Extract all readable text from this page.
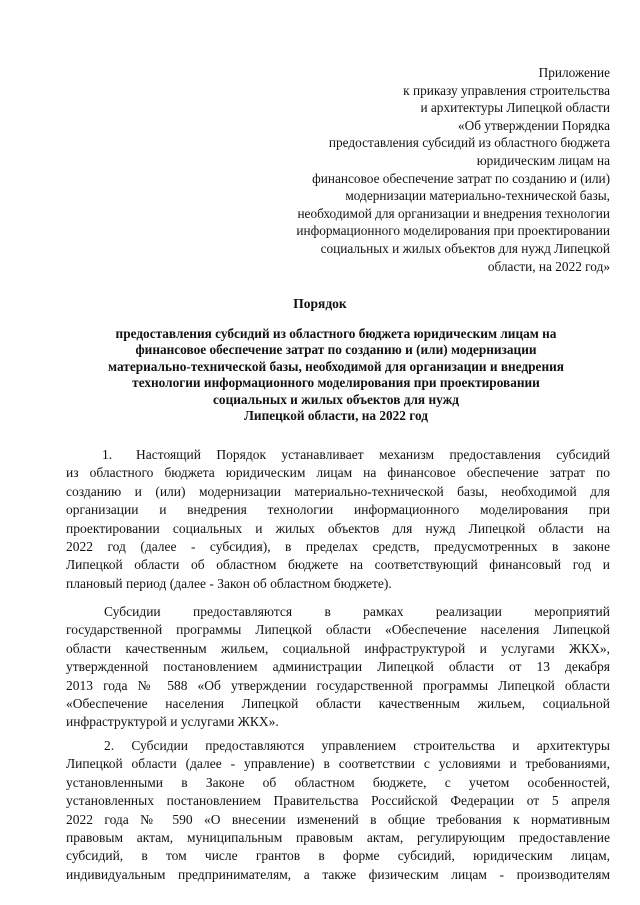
Приложение
к приказу управления строительства
и архитектуры Липецкой области
«Об утверждении Порядка
предоставления субсидий из областного бюджета
юридическим лицам на
финансовое обеспечение затрат по созданию и (или)
модернизации материально-технической базы,
необходимой для организации и внедрения технологии
информационного моделирования при проектировании
социальных и жилых объектов для нужд Липецкой
области, на 2022 год»
Порядок
предоставления субсидий из областного бюджета юридическим лицам на
финансовое обеспечение затрат по созданию и (или) модернизации
материально-технической базы, необходимой для организации и внедрения
технологии информационного моделирования при проектировании
социальных и жилых объектов для нужд
Липецкой области, на 2022 год
1. Настоящий Порядок устанавливает механизм предоставления субсидий
из областного бюджета юридическим лицам на финансовое обеспечение затрат по
созданию и (или) модернизации материально-технической базы, необходимой для
организации и внедрения технологии информационного моделирования при
проектировании социальных и жилых объектов для нужд Липецкой области на
2022 год (далее - субсидия), в пределах средств, предусмотренных в законе
Липецкой области об областном бюджете на соответствующий финансовый год и
плановый период (далее - Закон об областном бюджете).
Субсидии предоставляются в рамках реализации мероприятий
государственной программы Липецкой области «Обеспечение населения Липецкой
области качественным жильем, социальной инфраструктурой и услугами ЖКХ»,
утвержденной постановлением администрации Липецкой области от 13 декабря
2013 года № 588 «Об утверждении государственной программы Липецкой области
«Обеспечение населения Липецкой области качественным жильем, социальной
инфраструктурой и услугами ЖКХ».
2. Субсидии предоставляются управлением строительства и архитектуры
Липецкой области (далее - управление) в соответствии с условиями и требованиями,
установленными в Законе об областном бюджете, с учетом особенностей,
установленных постановлением Правительства Российской Федерации от 5 апреля
2022 года № 590 «О внесении изменений в общие требования к нормативным
правовым актам, муниципальным правовым актам, регулирующим предоставление
субсидий, в том числе грантов в форме субсидий, юридическим лицам,
индивидуальным предпринимателям, а также физическим лицам - производителям
